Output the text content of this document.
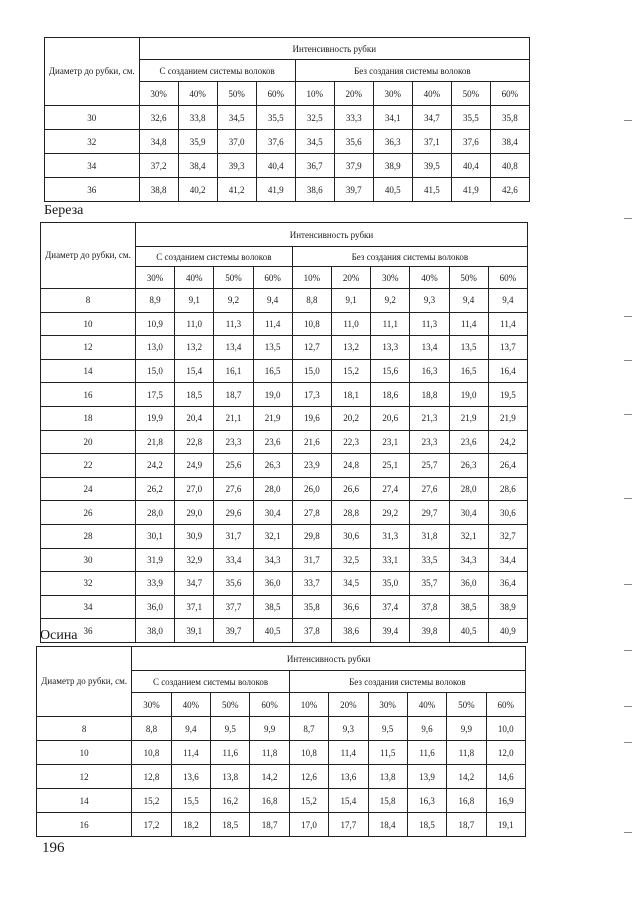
Диаметр до рубки, см.	Интенсивность рубки									
	С созданием системы волоков				Без создания системы волоков					
	30%	40%	50%	60%	10%	20%	30%	40%	50%	60%
30	32,6	33,8	34,5	35,5	32,5	33,3	34,1	34,7	35,5	35,8
32	34,8	35,9	37,0	37,6	34,5	35,6	36,3	37,1	37,6	38,4
34	37,2	38,4	39,3	40,4	36,7	37,9	38,9	39,5	40,4	40,8
36	38,8	40,2	41,2	41,9	38,6	39,7	40,5	41,5	41,9	42,6
Береза
Диаметр до рубки, см.	Интенсивность рубки									
	С созданием системы волоков				Без создания системы волоков					
	30%	40%	50%	60%	10%	20%	30%	40%	50%	60%
8	8,9	9,1	9,2	9,4	8,8	9,1	9,2	9,3	9,4	9,4
10	10,9	11,0	11,3	11,4	10,8	11,0	11,1	11,3	11,4	11,4
12	13,0	13,2	13,4	13,5	12,7	13,2	13,3	13,4	13,5	13,7
14	15,0	15,4	16,1	16,5	15,0	15,2	15,6	16,3	16,5	16,4
16	17,5	18,5	18,7	19,0	17,3	18,1	18,6	18,8	19,0	19,5
18	19,9	20,4	21,1	21,9	19,6	20,2	20,6	21,3	21,9	21,9
20	21,8	22,8	23,3	23,6	21,6	22,3	23,1	23,3	23,6	24,2
22	24,2	24,9	25,6	26,3	23,9	24,8	25,1	25,7	26,3	26,4
24	26,2	27,0	27,6	28,0	26,0	26,6	27,4	27,6	28,0	28,6
26	28,0	29,0	29,6	30,4	27,8	28,8	29,2	29,7	30,4	30,6
28	30,1	30,9	31,7	32,1	29,8	30,6	31,3	31,8	32,1	32,7
30	31,9	32,9	33,4	34,3	31,7	32,5	33,1	33,5	34,3	34,4
32	33,9	34,7	35,6	36,0	33,7	34,5	35,0	35,7	36,0	36,4
34	36,0	37,1	37,7	38,5	35,8	36,6	37,4	37,8	38,5	38,9
36	38,0	39,1	39,7	40,5	37,8	38,6	39,4	39,8	40,5	40,9
Осина
Диаметр до рубки, см.	Интенсивность рубки									
	С созданием системы волоков				Без создания системы волоков					
	30%	40%	50%	60%	10%	20%	30%	40%	50%	60%
8	8,8	9,4	9,5	9,9	8,7	9,3	9,5	9,6	9,9	10,0
10	10,8	11,4	11,6	11,8	10,8	11,4	11,5	11,6	11,8	12,0
12	12,8	13,6	13,8	14,2	12,6	13,6	13,8	13,9	14,2	14,6
14	15,2	15,5	16,2	16,8	15,2	15,4	15,8	16,3	16,8	16,9
16	17,2	18,2	18,5	18,7	17,0	17,7	18,4	18,5	18,7	19,1
196
